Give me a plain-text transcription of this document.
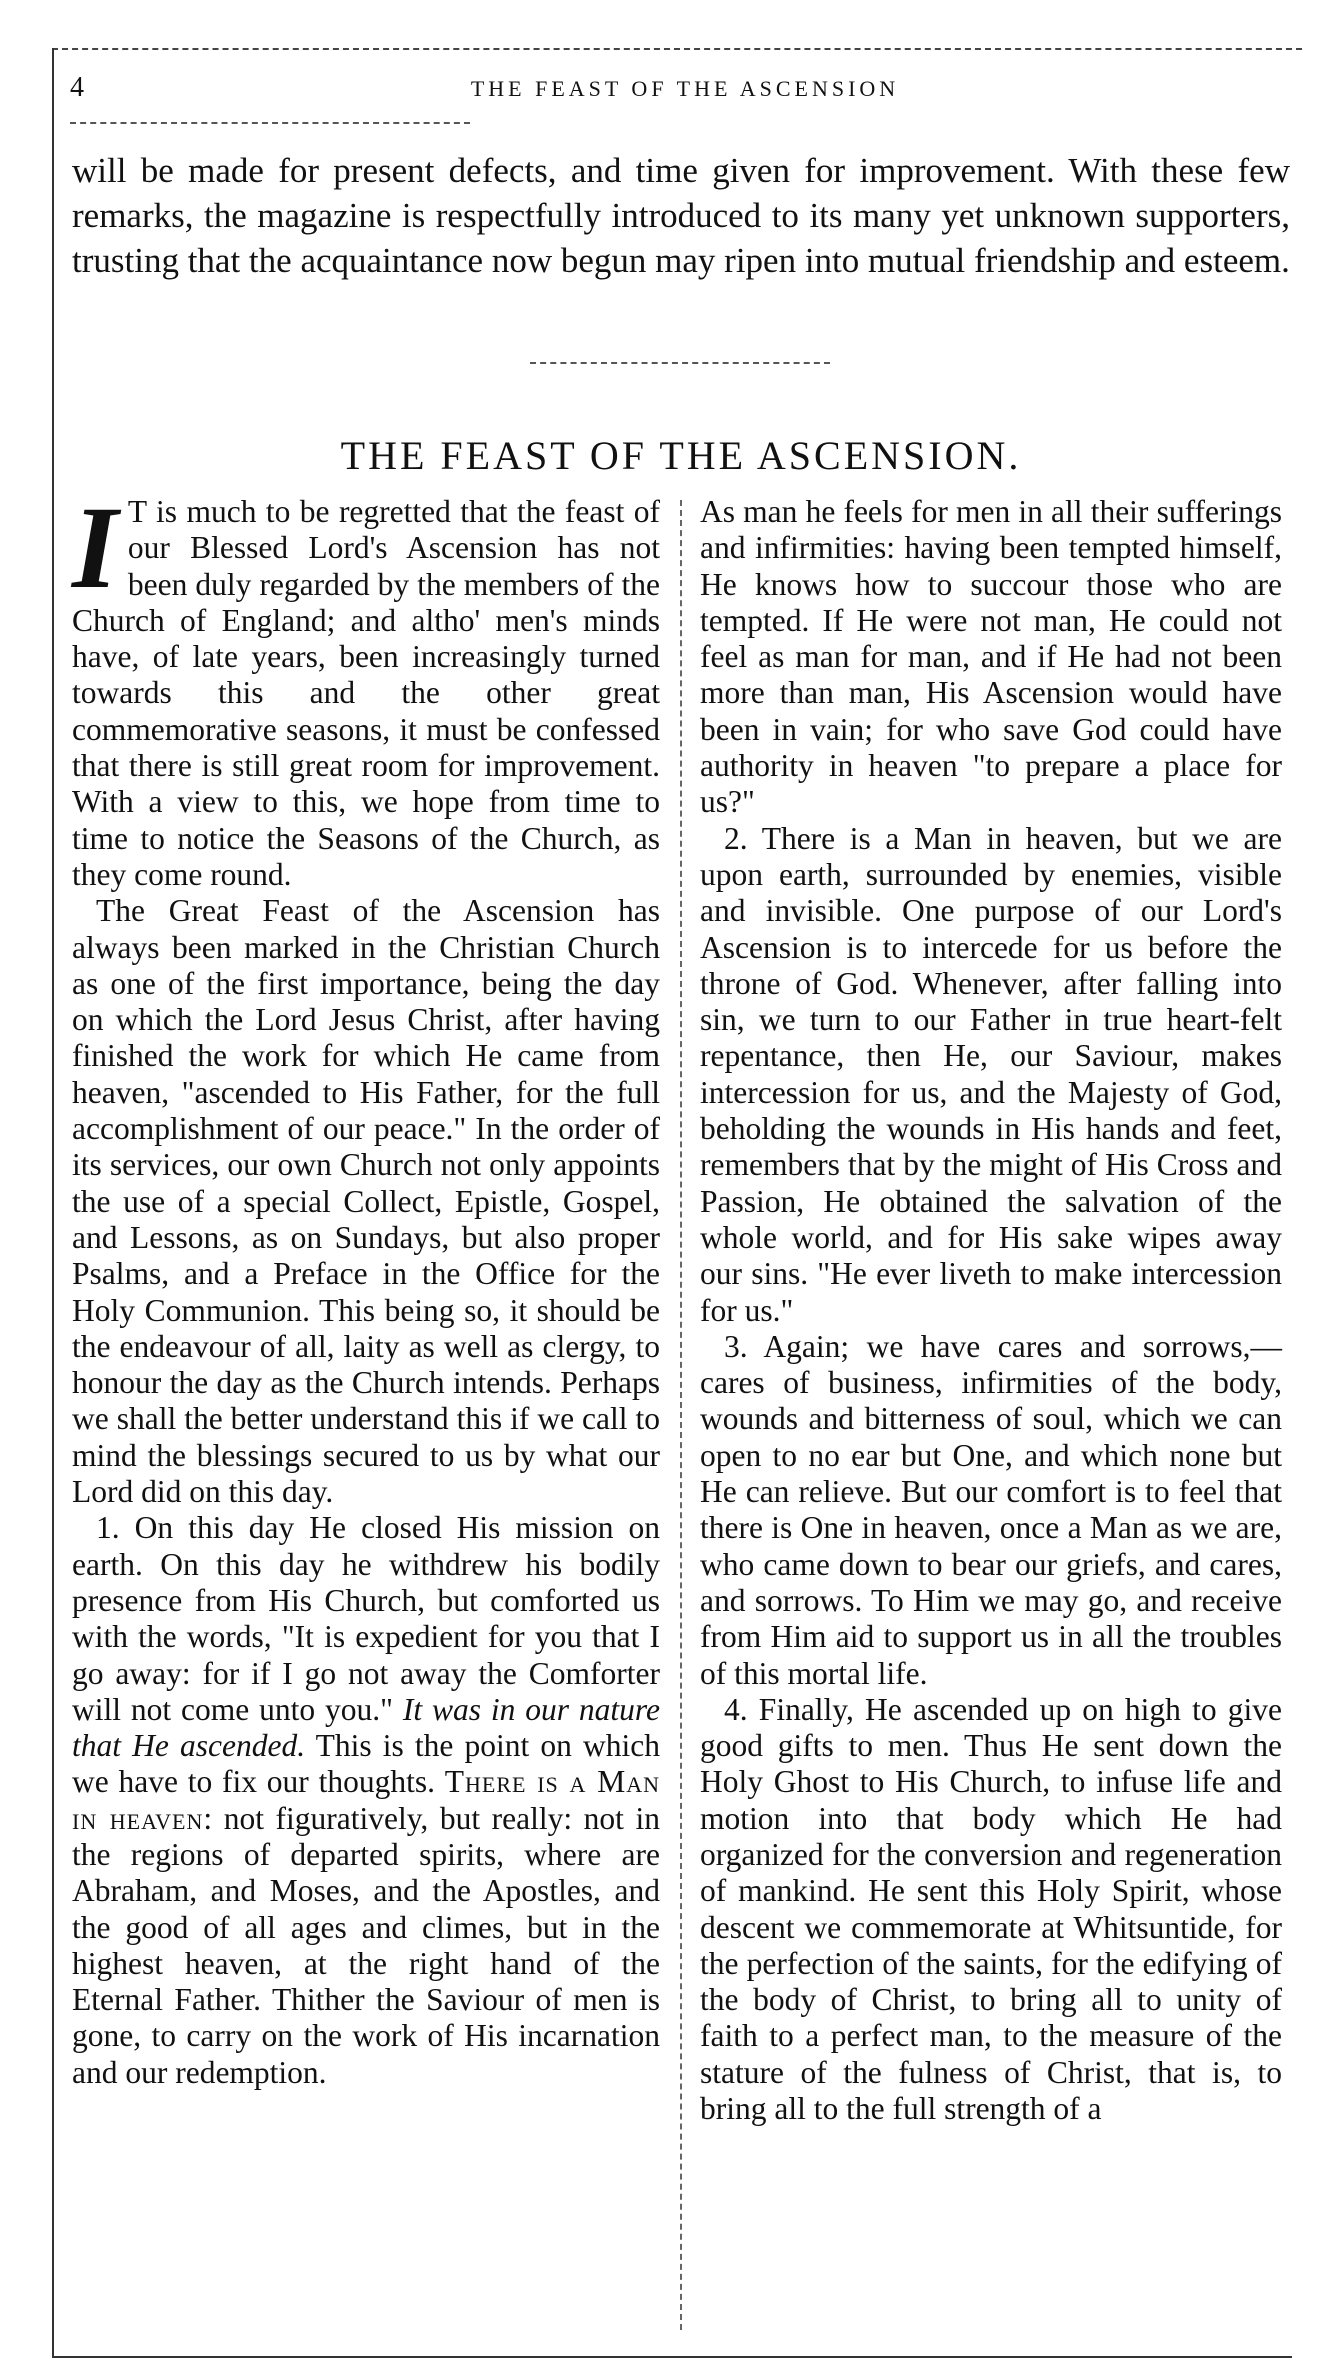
4	THE FEAST OF THE ASCENSION
will be made for present defects, and time given for improvement. With these few remarks, the magazine is respectfully introduced to its many yet unknown supporters, trusting that the acquaintance now begun may ripen into mutual friendship and esteem.
THE FEAST OF THE ASCENSION.

I T is much to be regretted that the feast of our Blessed Lord's Ascension has not been duly regarded by the members of the Church of England; and altho' men's minds have, of late years, been increasingly turned towards this and the other great commemorative seasons, it must be confessed that there is still great room for improvement. With a view to this, we hope from time to time to notice the Seasons of the Church, as they come round.

The Great Feast of the Ascension has always been marked in the Christian Church as one of the first importance, being the day on which the Lord Jesus Christ, after having finished the work for which He came from heaven, "ascended to His Father, for the full accomplishment of our peace." In the order of its services, our own Church not only appoints the use of a special Collect, Epistle, Gospel, and Lessons, as on Sundays, but also proper Psalms, and a Preface in the Office for the Holy Communion. This being so, it should be the endeavour of all, laity as well as clergy, to honour the day as the Church intends. Perhaps we shall the better understand this if we call to mind the blessings secured to us by what our Lord did on this day.

1. On this day He closed His mission on earth. On this day he withdrew his bodily presence from His Church, but comforted us with the words, "It is expedient for you that I go away: for if I go not away the Comforter will not come unto you." It was in our nature that He ascended. This is the point on which we have to fix our thoughts. There is a Man in heaven: not figuratively, but really: not in the regions of departed spirits, where are Abraham, and Moses, and the Apostles, and the good of all ages and climes, but in the highest heaven, at the right hand of the Eternal Father. Thither the Saviour of men is gone, to carry on the work of His incarnation and our redemption.

As man he feels for men in all their sufferings and infirmities: having been tempted himself, He knows how to succour those who are tempted. If He were not man, He could not feel as man for man, and if He had not been more than man, His Ascension would have been in vain; for who save God could have authority in heaven "to prepare a place for us?"

2. There is a Man in heaven, but we are upon earth, surrounded by enemies, visible and invisible. One purpose of our Lord's Ascension is to intercede for us before the throne of God. Whenever, after falling into sin, we turn to our Father in true heart-felt repentance, then He, our Saviour, makes intercession for us, and the Majesty of God, beholding the wounds in His hands and feet, remembers that by the might of His Cross and Passion, He obtained the salvation of the whole world, and for His sake wipes away our sins. "He ever liveth to make intercession for us."

3. Again; we have cares and sorrows,—cares of business, infirmities of the body, wounds and bitterness of soul, which we can open to no ear but One, and which none but He can relieve. But our comfort is to feel that there is One in heaven, once a Man as we are, who came down to bear our griefs, and cares, and sorrows. To Him we may go, and receive from Him aid to support us in all the troubles of this mortal life.

4. Finally, He ascended up on high to give good gifts to men. Thus He sent down the Holy Ghost to His Church, to infuse life and motion into that body which He had organized for the conversion and regeneration of mankind. He sent this Holy Spirit, whose descent we commemorate at Whitsuntide, for the perfection of the saints, for the edifying of the body of Christ, to bring all to unity of faith to a perfect man, to the measure of the stature of the fulness of Christ, that is, to bring all to the full strength of a
